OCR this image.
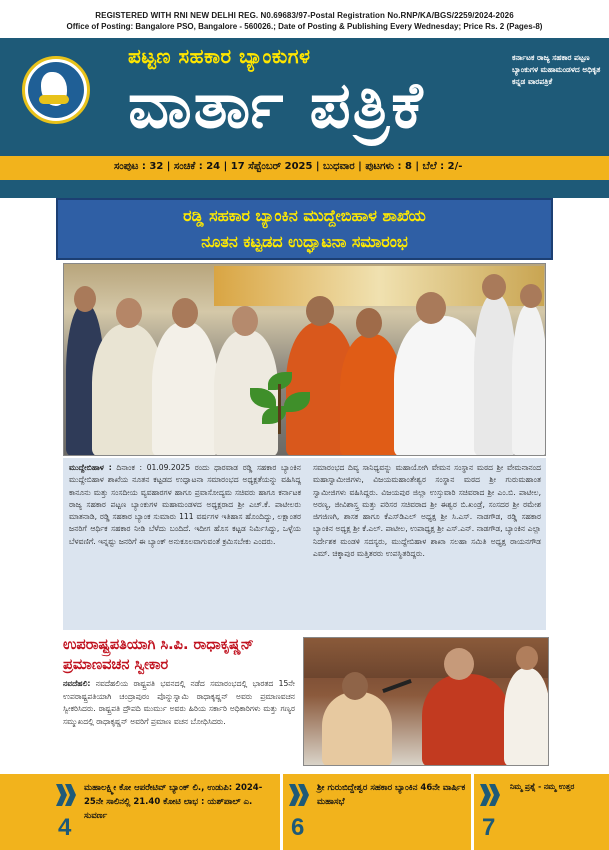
REGISTERED WITH RNI NEW DELHI REG. N0.69683/97-Postal Registration No.RNP/KA/BGS/2259/2024-2026
Office of Posting: Bangalore PSO, Bangalore - 560026.; Date of Posting & Publishing Every Wednesday; Price Rs. 2 (Pages-8)
ಪಟ್ಟಣ ಸಹಕಾರ ಬ್ಯಾಂಕುಗಳ
ವಾರ್ತಾ ಪತ್ರಿಕೆ
ಕರ್ನಾಟಕ ರಾಜ್ಯ ಸಹಕಾರ ಪಟ್ಟಣ ಬ್ಯಾಂಕುಗಳ ಮಹಾಮಂಡಳದ ಅಧಿಕೃತ ಕನ್ನಡ ವಾರಪತ್ರಿಕೆ
ಸಂಪುಟ : 32 | ಸಂಚಿಕೆ : 24 | 17 ಸೆಪ್ಟೆಂಬರ್ 2025 | ಬುಧವಾರ | ಪುಟಗಳು : 8 | ಬೆಲೆ : 2/-
ರಡ್ಡಿ ಸಹಕಾರ ಬ್ಯಾಂಕಿನ ಮುದ್ದೇಬಿಹಾಳ ಶಾಖೆಯ
ನೂತನ ಕಟ್ಟಡದ ಉದ್ಘಾಟನಾ ಸಮಾರಂಭ
ಮುದ್ದೇಬಿಹಾಳ : ದಿನಾಂಕ : 01.09.2025 ರಂದು ಧಾರವಾಡ ರಡ್ಡಿ ಸಹಕಾರ ಬ್ಯಾಂಕಿನ ಮುದ್ದೇಬಿಹಾಳ ಶಾಖೆಯ ನೂತನ ಕಟ್ಟಡದ ಉದ್ಘಾಟನಾ ಸಮಾರಂಭದ ಅಧ್ಯಕ್ಷತೆಯನ್ನು ವಹಿಸಿದ್ದ ಕಾನೂನು ಮತ್ತು ಸಂಸದೀಯ ವ್ಯವಹಾರಗಳ ಹಾಗೂ ಪ್ರವಾಸೋದ್ಯಮ ಸಚಿವರು ಹಾಗೂ ಕರ್ನಾಟಕ ರಾಜ್ಯ ಸಹಕಾರ ಪಟ್ಟಣ ಬ್ಯಾಂಕುಗಳ ಮಹಾಮಂಡಳದ ಅಧ್ಯಕ್ಷರಾದ ಶ್ರೀ ಎಚ್.ಕೆ. ಪಾಟೀಲರು ಮಾತನಾಡಿ, ರಡ್ಡಿ ಸಹಕಾರ ಬ್ಯಾಂಕ ಸುಮಾರು 111 ವರ್ಷಗಳ ಇತಿಹಾಸ ಹೊಂದಿದ್ದು, ಲಕ್ಷಾಂತರ ಜನರಿಗೆ ಆರ್ಥಿಕ ಸಹಕಾರ ನೀಡಿ ಬೆಳೆದು ಬಂದಿದೆ. ಇದೀಗ ಹೊಸ ಕಟ್ಟಡ ನಿರ್ಮಿಸಿದ್ದು, ಒಳ್ಳೆಯ ಬೆಳವಣಿಗೆ. ಇನ್ನಷ್ಟು ಜನರಿಗೆ ಈ ಬ್ಯಾಂಕ್ ಅನುಕೂಲವಾಗುವಂತೆ ಕ್ರಮಿಸಬೇಕು ಎಂದರು.
ಸಮಾರಂಭದ ದಿವ್ಯ ಸಾನಿಧ್ಯವನ್ನು ಮಹಾಯೋಗಿ ವೇಮನ ಸಂಸ್ಥಾನ ಮಠದ ಶ್ರೀ ವೇಮನಾನಂದ ಮಹಾಸ್ವಾಮೀಜಿಗಳು, ವಿಜಯಮಹಾಂತೇಶ್ವರ ಸಂಸ್ಥಾನ ಮಠದ ಶ್ರೀ ಗುರುಮಹಾಂತ ಸ್ವಾಮೀಜಿಗಳು ವಹಿಸಿದ್ದರು. ವಿಜಯಪುರ ಜಿಲ್ಲಾ ಉಸ್ತುವಾರಿ ಸಚಿವರಾದ ಶ್ರೀ ಎಂ.ಬಿ. ಪಾಟೀಲ, ಅರಣ್ಯ, ಜೀವಿಶಾಸ್ತ್ರ ಮತ್ತು ಪರಿಸರ ಸಚಿವರಾದ ಶ್ರೀ ಈಶ್ವರ ಬಿ.ಖಂಡ್ರೆ, ಸಂಸದರ ಶ್ರೀ ರಮೇಶ ಜಿಗಜಿಣಗಿ, ಶಾಸಕ ಹಾಗೂ ಕೆಎಸ್‌ಡಿಎಲ್ ಅಧ್ಯಕ್ಷ ಶ್ರೀ ಸಿ.ಎಸ್. ನಾಡಗೌಡ, ರಡ್ಡಿ ಸಹಕಾರ ಬ್ಯಾಂಕಿನ ಅಧ್ಯಕ್ಷ ಶ್ರೀ ಕೆ.ಎಲ್. ಪಾಟೀಲ, ಉಪಾಧ್ಯಕ್ಷ ಶ್ರೀ ಎಸ್.ಎನ್. ನಾಡಗೌಡ, ಬ್ಯಾಂಕಿನ ಎಲ್ಲಾ ನಿರ್ದೇಶಕ ಮಂಡಳಿ ಸದಸ್ಯರು, ಮುದ್ದೇಬಿಹಾಳ ಶಾಖಾ ಸಲಹಾ ಸಮಿತಿ ಅಧ್ಯಕ್ಷ ರಾಯನಗೌಡ ಎಮ್. ಚಿಕ್ಕಾಪುರ ಮತ್ತಿತರರು ಉಪಸ್ಥಿತರಿದ್ದರು.
ಉಪರಾಷ್ಟ್ರಪತಿಯಾಗಿ ಸಿ.ಪಿ. ರಾಧಾಕೃಷ್ಣನ್ ಪ್ರಮಾಣವಚನ ಸ್ವೀಕಾರ
ನವದೆಹಲಿ: ನವದೆಹಲಿಯ ರಾಷ್ಟ್ರಪತಿ ಭವನದಲ್ಲಿ ನಡೆದ ಸಮಾರಂಭದಲ್ಲಿ ಭಾರತದ 15ನೇ ಉಪರಾಷ್ಟ್ರಪತಿಯಾಗಿ ಚಂದ್ರಾಪುರಂ ಪೊನ್ನುಸ್ವಾಮಿ ರಾಧಾಕೃಷ್ಣನ್ ಅವರು ಪ್ರಮಾಣವಚನ ಸ್ವೀಕರಿಸಿದರು. ರಾಷ್ಟ್ರಪತಿ ದ್ರೌಪದಿ ಮುರ್ಮು ಅವರು ಹಿರಿಯ ಸರ್ಕಾರಿ ಅಧಿಕಾರಿಗಳು ಮತ್ತು ಗಣ್ಯರ ಸಮ್ಮುಖದಲ್ಲಿ ರಾಧಾಕೃಷ್ಣನ್ ಅವರಿಗೆ ಪ್ರಮಾಣ ವಚನ ಬೋಧಿಸಿದರು.
4
ಮಹಾಲಕ್ಷ್ಮೀ ಕೋ ಆಪರೇಟಿವ್ ಬ್ಯಾಂಕ್ ಲಿ., ಉಡುಪಿ: 2024-25ನೇ ಸಾಲಿನಲ್ಲಿ 21.40 ಕೋಟಿ ಲಾಭ : ಯಶ್‌ಪಾಲ್ ಎ. ಸುವರ್ಣ	6
ಶ್ರೀ ಗುರುಬಿದ್ದೇಶ್ವರ ಸಹಕಾರ ಬ್ಯಾಂಕಿನ 46ನೇ ವಾರ್ಷಿಕ ಮಹಾಸಭೆ
7
ನಿಮ್ಮ ಪ್ರಶ್ನೆ - ನಮ್ಮ ಉತ್ತರ
